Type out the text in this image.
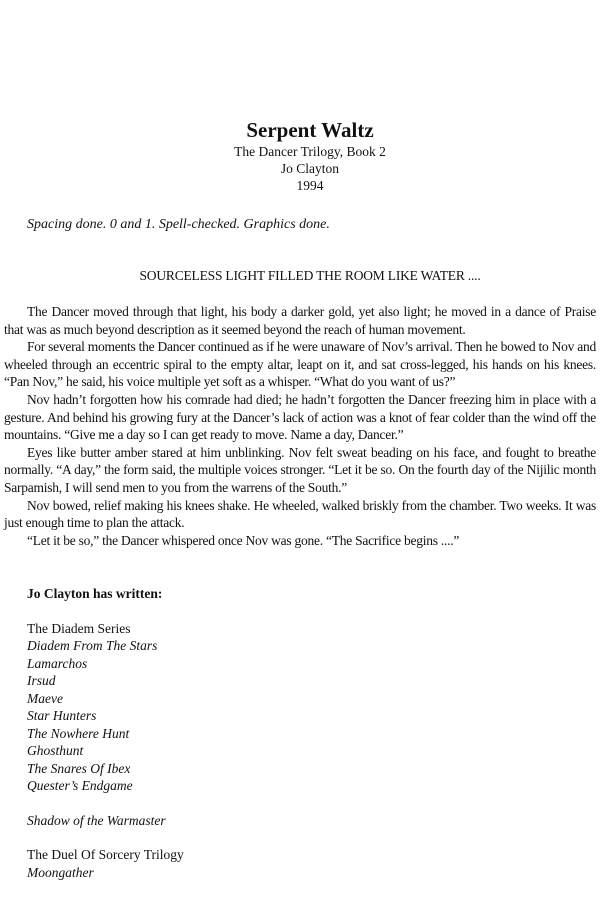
Serpent Waltz

The Dancer Trilogy, Book 2

Jo Clayton

1994

Spacing done. 0 and 1. Spell-checked. Graphics done.

SOURCELESS LIGHT FILLED THE ROOM LIKE WATER ....

The Dancer moved through that light, his body a darker gold, yet also light; he moved in a dance of Praise that was as much beyond description as it seemed beyond the reach of human movement.

For several moments the Dancer continued as if he were unaware of Nov’s arrival. Then he bowed to Nov and wheeled through an eccentric spiral to the empty altar, leapt on it, and sat cross-legged, his hands on his knees. “Pan Nov,” he said, his voice multiple yet soft as a whisper. “What do you want of us?”

Nov hadn’t forgotten how his comrade had died; he hadn’t forgotten the Dancer freezing him in place with a gesture. And behind his growing fury at the Dancer’s lack of action was a knot of fear colder than the wind off the mountains. “Give me a day so I can get ready to move. Name a day, Dancer.”

Eyes like butter amber stared at him unblinking. Nov felt sweat beading on his face, and fought to breathe normally. “A day,” the form said, the multiple voices stronger. “Let it be so. On the fourth day of the Nijilic month Sarpamish, I will send men to you from the warrens of the South.”

Nov bowed, relief making his knees shake. He wheeled, walked briskly from the chamber. Two weeks. It was just enough time to plan the attack.

“Let it be so,” the Dancer whispered once Nov was gone. “The Sacrifice begins ....”

Jo Clayton has written:

The Diadem Series

Diadem From The Stars

Lamarchos

Irsud

Maeve

Star Hunters

The Nowhere Hunt

Ghosthunt

The Snares Of Ibex

Quester’s Endgame

Shadow of the Warmaster

The Duel Of Sorcery Trilogy

Moongather
